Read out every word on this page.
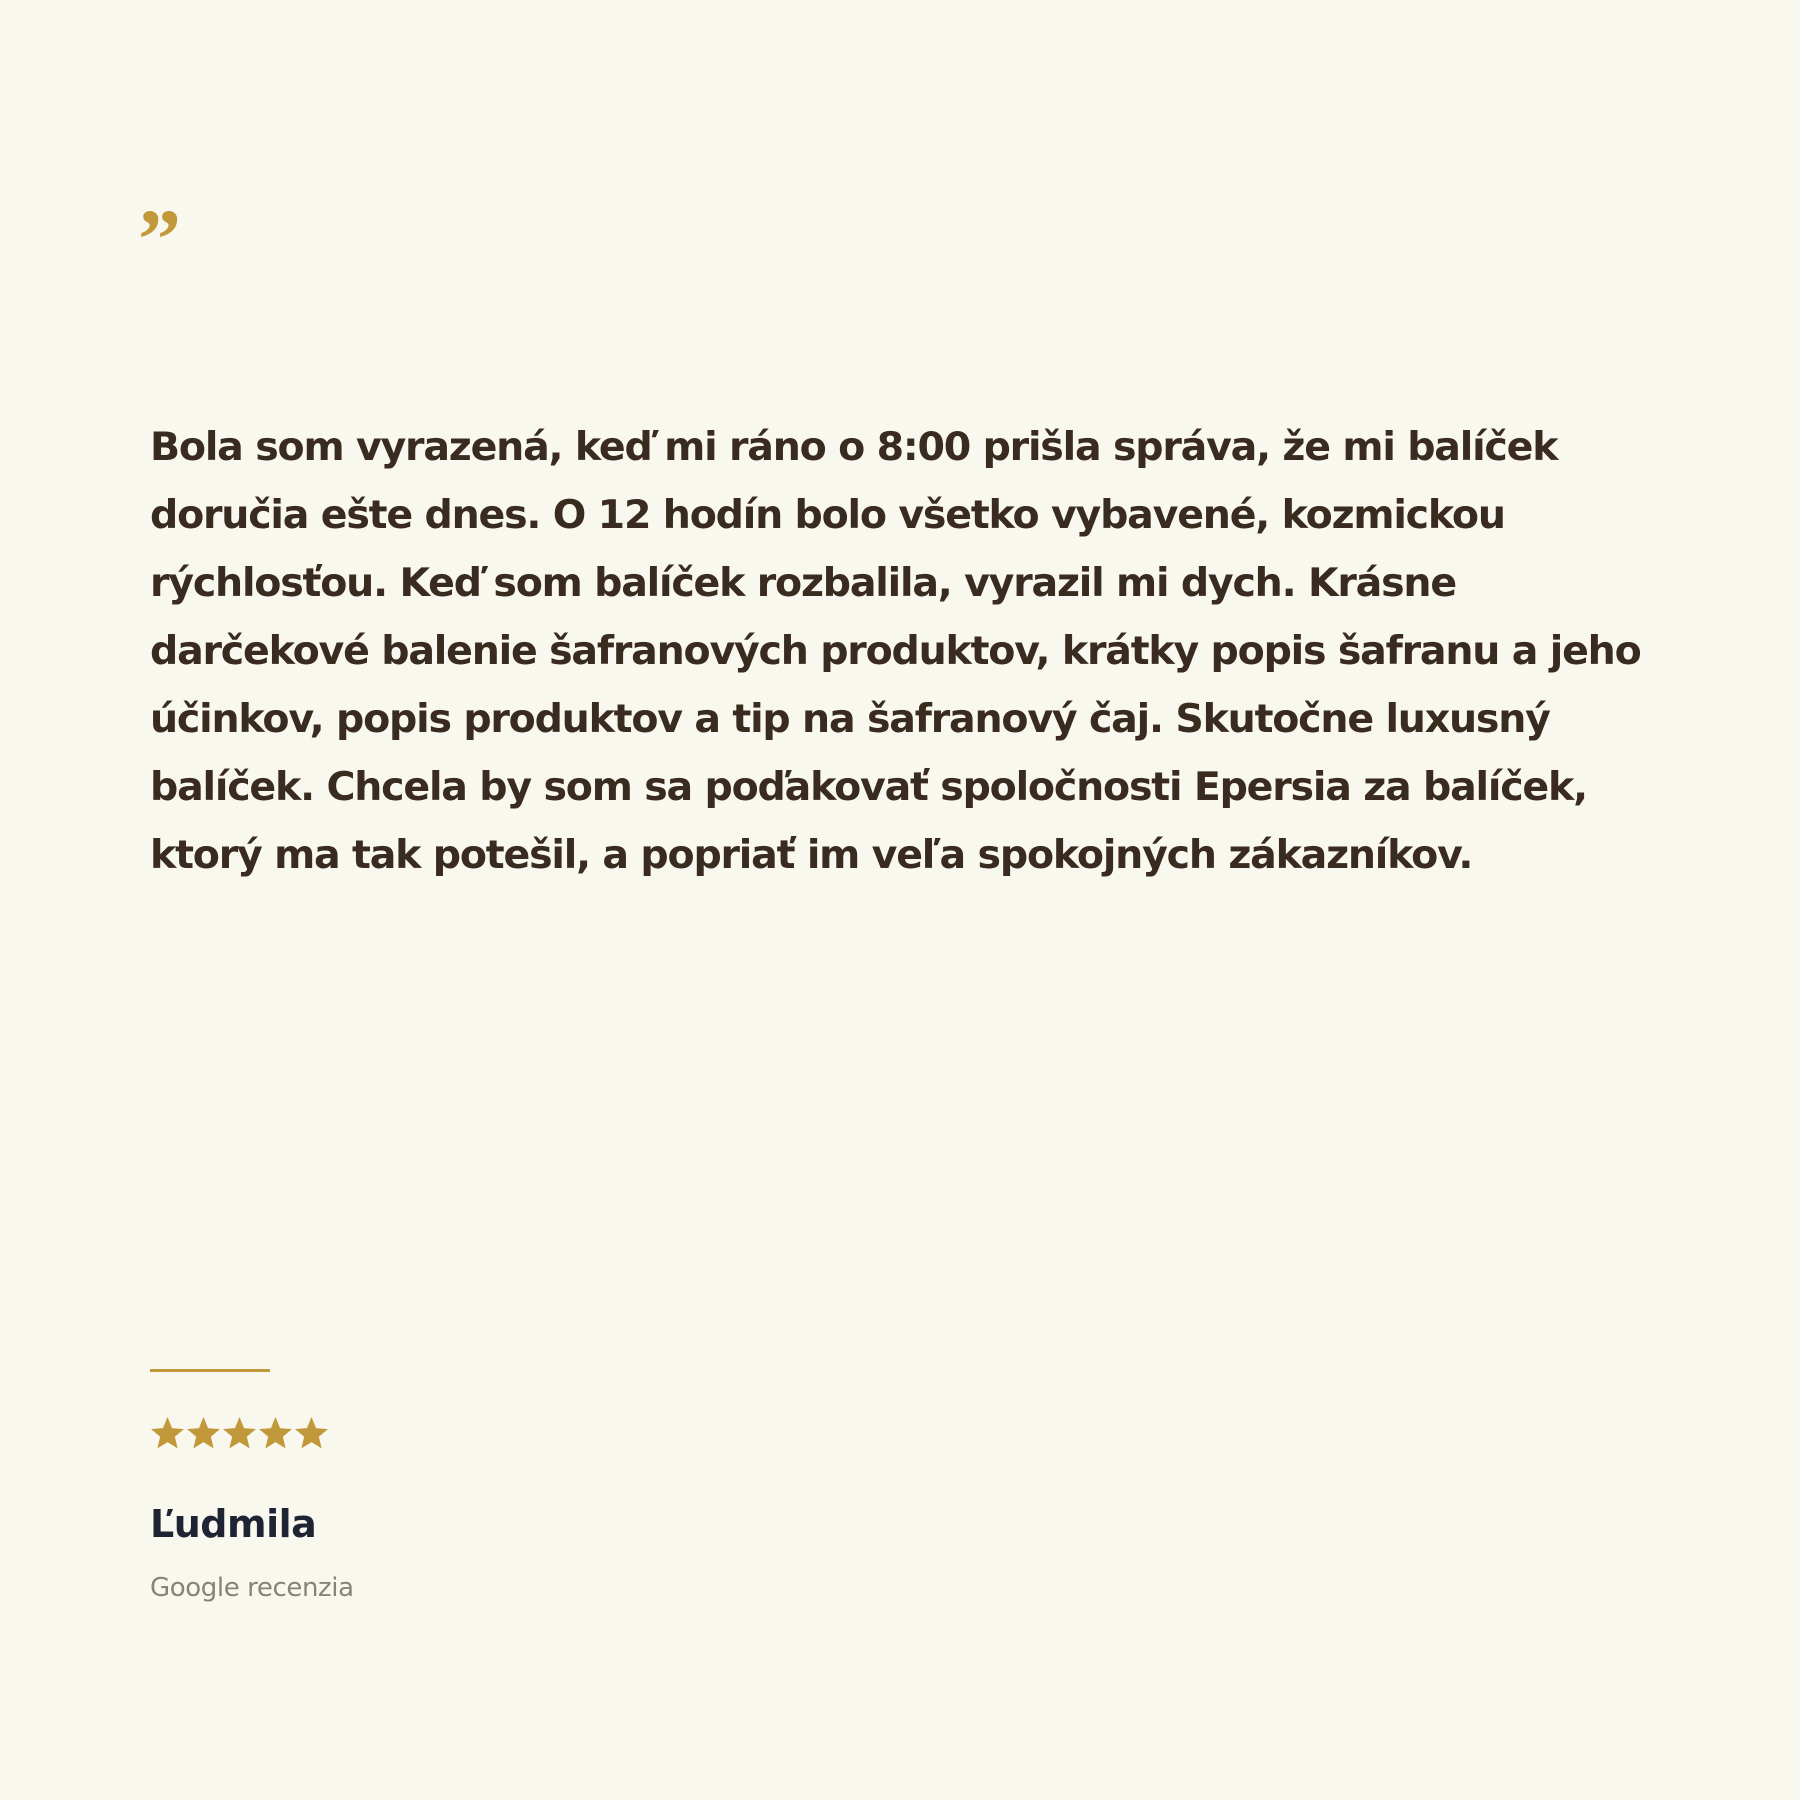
”

Bola som vyrazená, keď mi ráno o 8:00 prišla správa, že mi balíček doručia ešte dnes. O 12 hodín bolo všetko vybavené, kozmickou rýchlosťou. Keď som balíček rozbalila, vyrazil mi dych. Krásne darčekové balenie šafranových produktov, krátky popis šafranu a jeho účinkov, popis produktov a tip na šafranový čaj. Skutočne luxusný balíček. Chcela by som sa poďakovať spoločnosti Epersia za balíček, ktorý ma tak potešil, a popriať im veľa spokojných zákazníkov.

Ľudmila
Google recenzia
